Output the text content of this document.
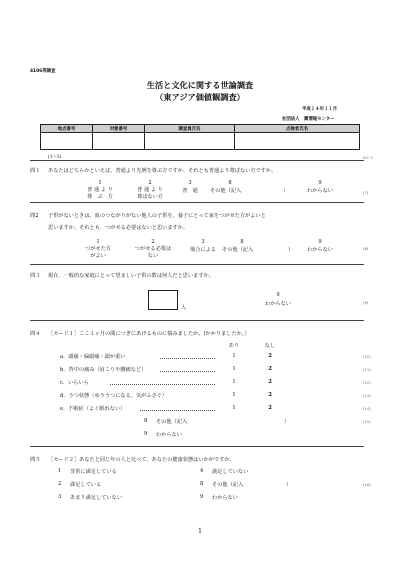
4106等調査
生活と文化に関する世論調査
（東アジア価値観調査）
平成１４年１１月
社団法人　輿情報センター
地点番号	対象番号	調査員氏名	点検者氏名

(1〜5)	02−1
問１ あなたはどちらかといえば、普通より先例を尊ぶ方ですか、それとも普通より尊ばない方ですか。
1	2	3	8	9
普 通 よ り
尊　ぶ　方
普 通 よ り
尊ばない方
普　通	その他（記入	）	わからない	(7)
問2 子供がないときは、血のつながりがない他人の子供を、養子にとって家をつがせた方がよいと
思いますか、それとも、つがせる必要はないと思いますか。
1	2	3	8	9
つがせた方
がよい
つがせる必要は
ない
場合による	その他（記入	）	わからない	(8)
問３ 現在、一般的な家庭にとって望ましい子供の数は何人だと思いますか。
人
9
わからない	(9)
問４ ［カード１］ここ１ヶ月の間につぎにあげるものに悩みましたか。(かかりましたか。）
あり	なし
a．頭痛・偏頭痛・頭が重い	1	2	(10)
b．背中の痛み（肩こりや腰痛など）	1	2	(11)
c．いらいら	1	2	(12)
d．うつ状態（ゆううつになる、気がふさぐ）	1	2	(13)
e．不眠症（よく眠れない）	1	2	(14)
8 その他（記入	）	(15)
9 わからない
問５ ［カード２］あなたと同じ年の人と比べて、あなたの健康状態はいかがですか。
1 非常に満足している	4 満足していない
2 満足している	8 その他（記入	）	(16)
3 あまり満足していない	9 わからない
1
